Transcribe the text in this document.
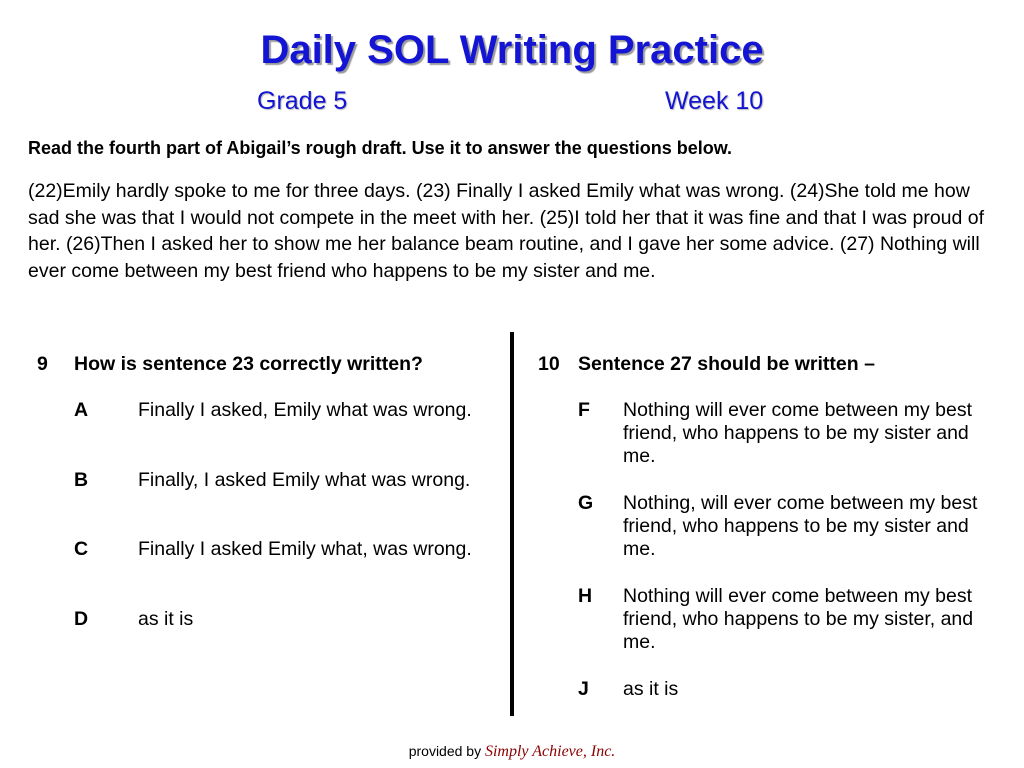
Daily SOL Writing Practice
Grade 5	Week 10

Read the fourth part of Abigail’s rough draft. Use it to answer the questions below.

(22)Emily hardly spoke to me for three days. (23) Finally I asked Emily what was wrong. (24)She told me how sad she was that I would not compete in the meet with her. (25)I told her that it was fine and that I was proud of her. (26)Then I asked her to show me her balance beam routine, and I gave her some advice. (27) Nothing will ever come between my best friend who happens to be my sister and me.

9 How is sentence 23 correctly written?
A	Finally I asked, Emily what was wrong.
B	Finally, I asked Emily what was wrong.
C	Finally I asked Emily what, was wrong.
D	as it is
10 Sentence 27 should be written –
F Nothing will ever come between my best friend, who happens to be my sister and me.
G Nothing, will ever come between my best friend, who happens to be my sister and me.
H Nothing will ever come between my best friend, who happens to be my sister, and me.
J as it is
provided by Simply Achieve, Inc.
